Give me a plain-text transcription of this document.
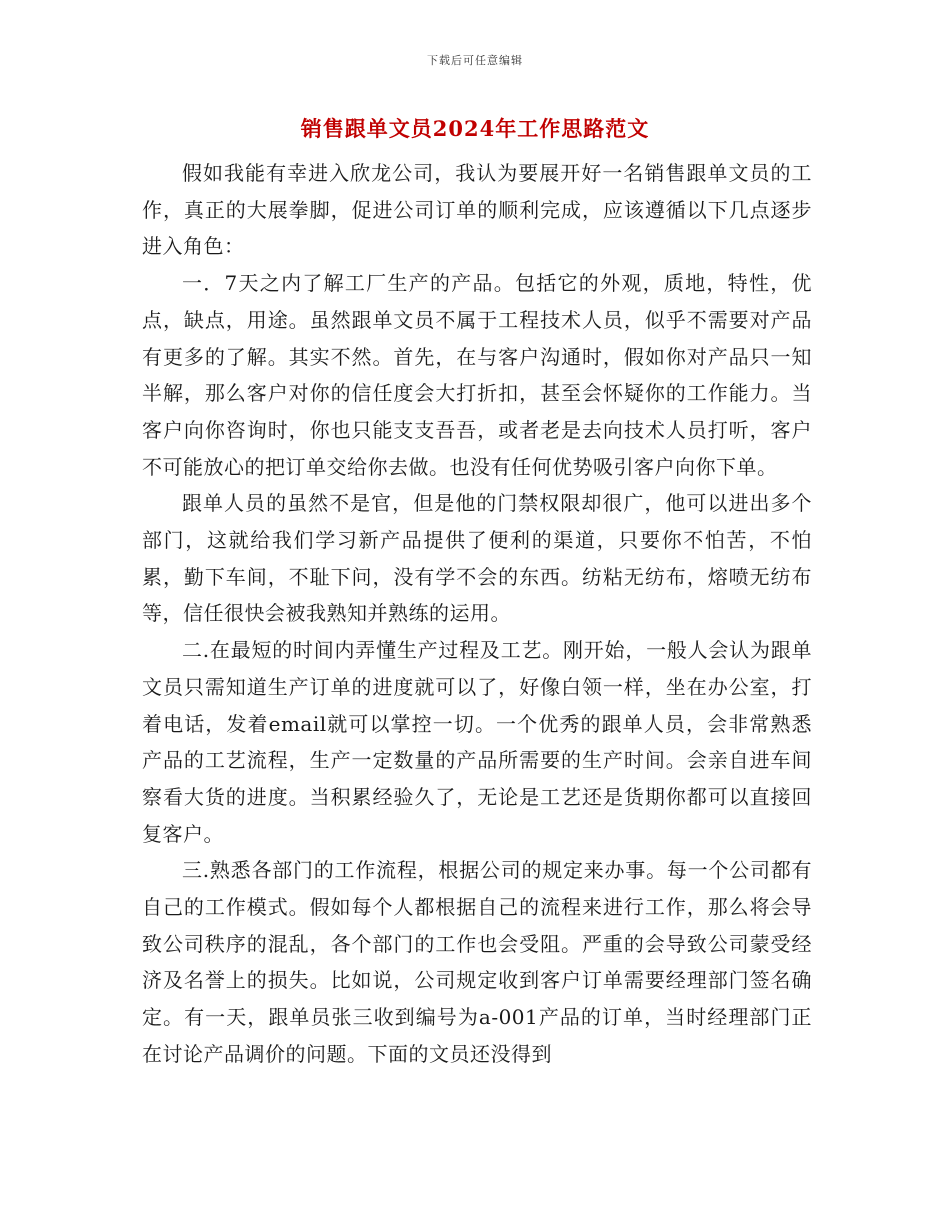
下载后可任意编辑
销售跟单文员2024年工作思路范文

假如我能有幸进入欣龙公司，我认为要展开好一名销售跟单文员的工作，真正的大展拳脚，促进公司订单的顺利完成，应该遵循以下几点逐步进入角色：

一．7天之内了解工厂生产的产品。包括它的外观，质地，特性，优点，缺点，用途。虽然跟单文员不属于工程技术人员，似乎不需要对产品有更多的了解。其实不然。首先，在与客户沟通时，假如你对产品只一知半解，那么客户对你的信任度会大打折扣，甚至会怀疑你的工作能力。当客户向你咨询时，你也只能支支吾吾，或者老是去向技术人员打听，客户不可能放心的把订单交给你去做。也没有任何优势吸引客户向你下单。

跟单人员的虽然不是官，但是他的门禁权限却很广，他可以进出多个部门，这就给我们学习新产品提供了便利的渠道，只要你不怕苦，不怕累，勤下车间，不耻下问，没有学不会的东西。纺粘无纺布，熔喷无纺布等，信任很快会被我熟知并熟练的运用。

二.在最短的时间内弄懂生产过程及工艺。刚开始，一般人会认为跟单文员只需知道生产订单的进度就可以了，好像白领一样，坐在办公室，打着电话，发着email就可以掌控一切。一个优秀的跟单人员，会非常熟悉产品的工艺流程，生产一定数量的产品所需要的生产时间。会亲自进车间察看大货的进度。当积累经验久了，无论是工艺还是货期你都可以直接回复客户。

三.熟悉各部门的工作流程，根据公司的规定来办事。每一个公司都有自己的工作模式。假如每个人都根据自己的流程来进行工作，那么将会导致公司秩序的混乱，各个部门的工作也会受阻。严重的会导致公司蒙受经济及名誉上的损失。比如说，公司规定收到客户订单需要经理部门签名确定。有一天，跟单员张三收到编号为a-001产品的订单，当时经理部门正在讨论产品调价的问题。下面的文员还没得到
